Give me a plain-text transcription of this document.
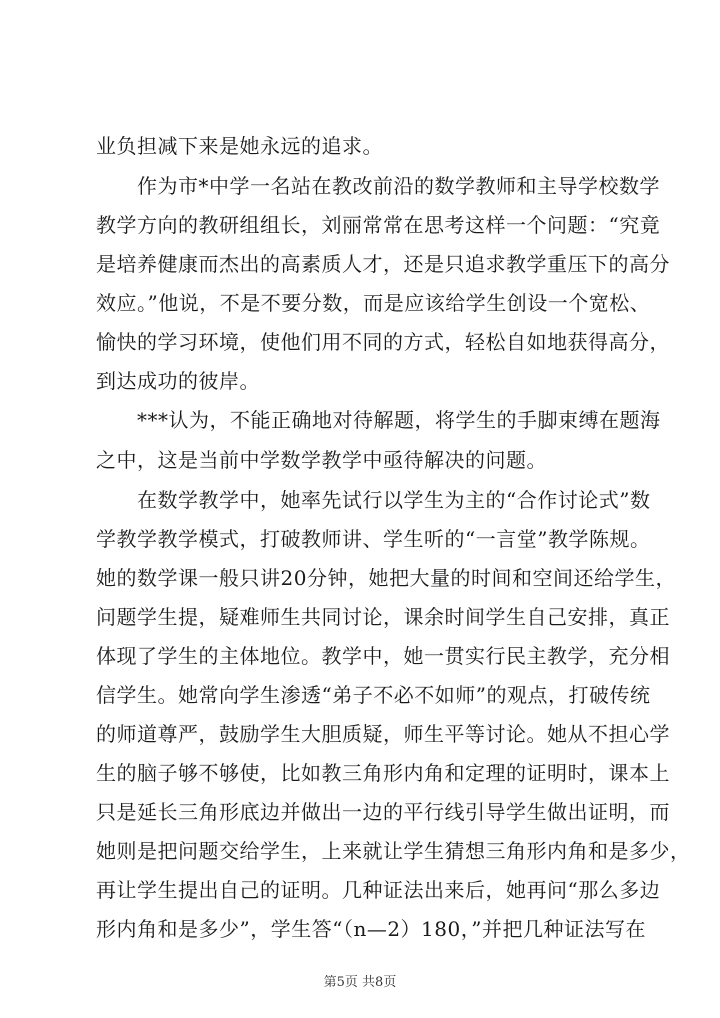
业负担减下来是她永远的追求。
作为市*中学一名站在教改前沿的数学教师和主导学校数学
教学方向的教研组组长，刘丽常常在思考这样一个问题：“究竟
是培养健康而杰出的高素质人才，还是只追求教学重压下的高分
效应。”他说，不是不要分数，而是应该给学生创设一个宽松、
愉快的学习环境，使他们用不同的方式，轻松自如地获得高分，
到达成功的彼岸。
***认为，不能正确地对待解题，将学生的手脚束缚在题海
之中，这是当前中学数学教学中亟待解决的问题。
在数学教学中，她率先试行以学生为主的“合作讨论式”数
学教学教学模式，打破教师讲、学生听的“一言堂”教学陈规。
她的数学课一般只讲20分钟，她把大量的时间和空间还给学生，
问题学生提，疑难师生共同讨论，课余时间学生自己安排，真正
体现了学生的主体地位。教学中，她一贯实行民主教学，充分相
信学生。她常向学生渗透“弟子不必不如师”的观点，打破传统
的师道尊严，鼓励学生大胆质疑，师生平等讨论。她从不担心学
生的脑子够不够使，比如教三角形内角和定理的证明时，课本上
只是延长三角形底边并做出一边的平行线引导学生做出证明，而
她则是把问题交给学生，上来就让学生猜想三角形内角和是多少，
再让学生提出自己的证明。几种证法出来后，她再问“那么多边
形内角和是多少”，学生答“（n—2）180，”并把几种证法写在
第5页 共8页
